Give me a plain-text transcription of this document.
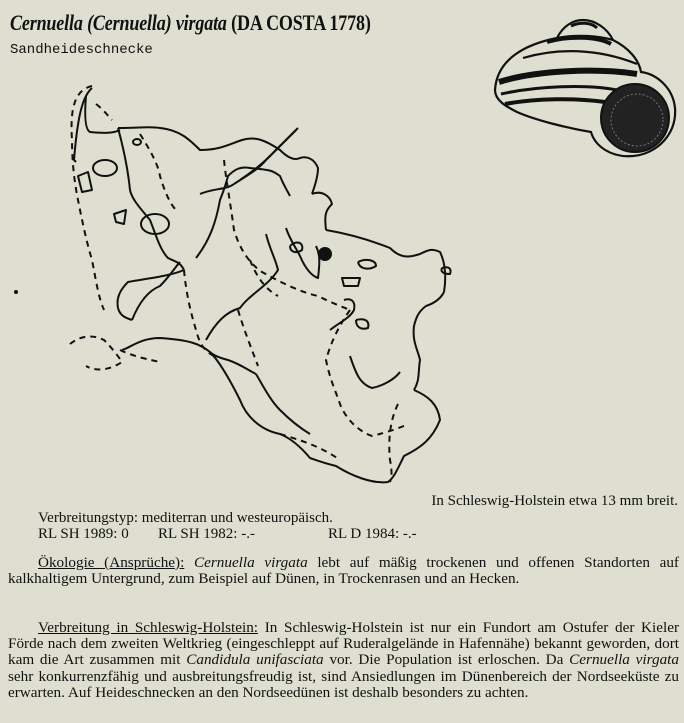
Cernuella (Cernuella) virgata (DA COSTA 1778)
Sandheideschnecke
In Schleswig-Holstein etwa 13 mm breit.
Verbreitungstyp: mediterran und westeuropäisch.
RL SH 1989: 0	RL SH 1982: -.-	RL D 1984: -.-
Ökologie (Ansprüche): Cernuella virgata lebt auf mäßig trockenen und offenen Standorten auf kalkhaltigem Untergrund, zum Beispiel auf Dünen, in Trockenrasen und an Hecken.
Verbreitung in Schleswig-Holstein: In Schleswig-Holstein ist nur ein Fundort am Ostufer der Kieler Förde nach dem zweiten Weltkrieg (eingeschleppt auf Ruderalgelände in Hafennähe) bekannt geworden, dort kam die Art zusammen mit Candidula unifasciata vor. Die Population ist erloschen. Da Cernuella virgata sehr konkurrenzfähig und ausbreitungsfreudig ist, sind Ansiedlungen im Dünenbereich der Nordseeküste zu erwarten. Auf Heideschnecken an den Nordseedünen ist deshalb besonders zu achten.
